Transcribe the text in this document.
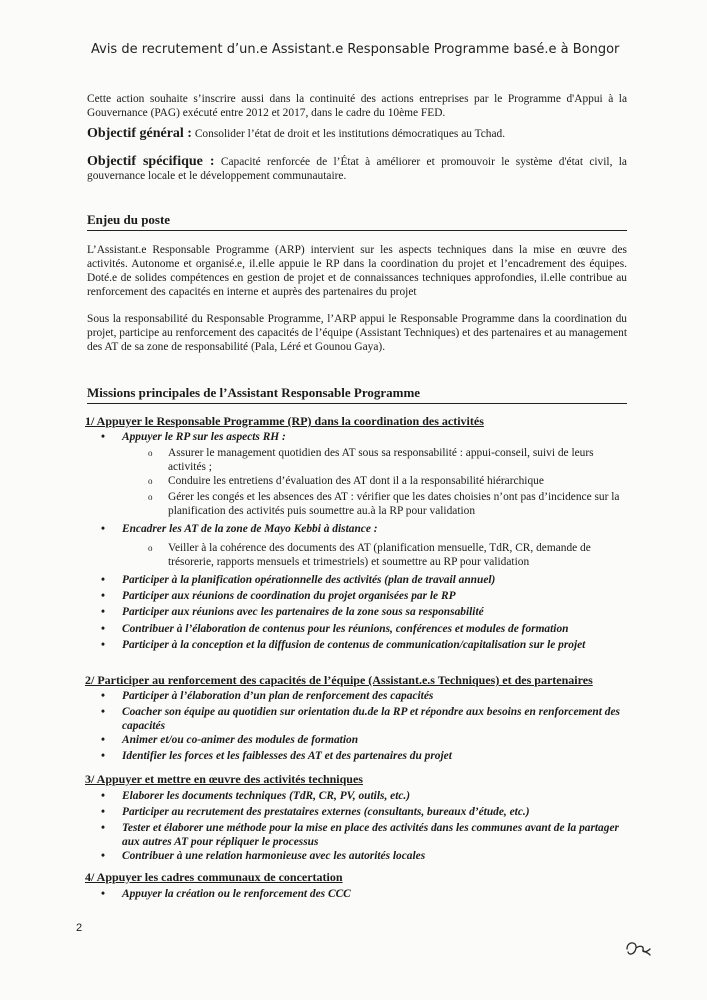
Avis de recrutement d’un.e Assistant.e Responsable Programme basé.e à Bongor

Cette action souhaite s’inscrire aussi dans la continuité des actions entreprises par le Programme d'Appui à la Gouvernance (PAG) exécuté entre 2012 et 2017, dans le cadre du 10ème FED.

Objectif général : Consolider l’état de droit et les institutions démocratiques au Tchad.

Objectif spécifique : Capacité renforcée de l’État à améliorer et promouvoir le système d'état civil, la gouvernance locale et le développement communautaire.

Enjeu du poste

L’Assistant.e Responsable Programme (ARP) intervient sur les aspects techniques dans la mise en œuvre des activités. Autonome et organisé.e, il.elle appuie le RP dans la coordination du projet et l’encadrement des équipes. Doté.e de solides compétences en gestion de projet et de connaissances techniques approfondies, il.elle contribue au renforcement des capacités en interne et auprès des partenaires du projet

Sous la responsabilité du Responsable Programme, l’ARP appui le Responsable Programme dans la coordination du projet, participe au renforcement des capacités de l’équipe (Assistant Techniques) et des partenaires et au management des AT de sa zone de responsabilité (Pala, Léré et Gounou Gaya).

Missions principales de l’Assistant Responsable Programme
1/ Appuyer le Responsable Programme (RP) dans la coordination des activités
Appuyer le RP sur les aspects RH :
Assurer le management quotidien des AT sous sa responsabilité : appui-conseil, suivi de leurs activités ;
Conduire les entretiens d’évaluation des AT dont il a la responsabilité hiérarchique
Gérer les congés et les absences des AT : vérifier que les dates choisies n’ont pas d’incidence sur la planification des activités puis soumettre au.à la RP pour validation
Encadrer les AT de la zone de Mayo Kebbi à distance :
Veiller à la cohérence des documents des AT (planification mensuelle, TdR, CR, demande de trésorerie, rapports mensuels et trimestriels) et soumettre au RP pour validation
Participer à la planification opérationnelle des activités (plan de travail annuel)
Participer aux réunions de coordination du projet organisées par le RP
Participer aux réunions avec les partenaires de la zone sous sa responsabilité
Contribuer à l’élaboration de contenus pour les réunions, conférences et modules de formation
Participer à la conception et la diffusion de contenus de communication/capitalisation sur le projet
2/ Participer au renforcement des capacités de l’équipe (Assistant.e.s Techniques) et des partenaires
Participer à l’élaboration d’un plan de renforcement des capacités
Coacher son équipe au quotidien sur orientation du.de la RP et répondre aux besoins en renforcement des capacités
Animer et/ou co-animer des modules de formation
Identifier les forces et les faiblesses des AT et des partenaires du projet
3/ Appuyer et mettre en œuvre des activités techniques
Elaborer les documents techniques (TdR, CR, PV, outils, etc.)
Participer au recrutement des prestataires externes (consultants, bureaux d’étude, etc.)
Tester et élaborer une méthode pour la mise en place des activités dans les communes avant de la partager aux autres AT pour répliquer le processus
Contribuer à une relation harmonieuse avec les autorités locales
4/ Appuyer les cadres communaux de concertation
Appuyer la création ou le renforcement des CCC
2
